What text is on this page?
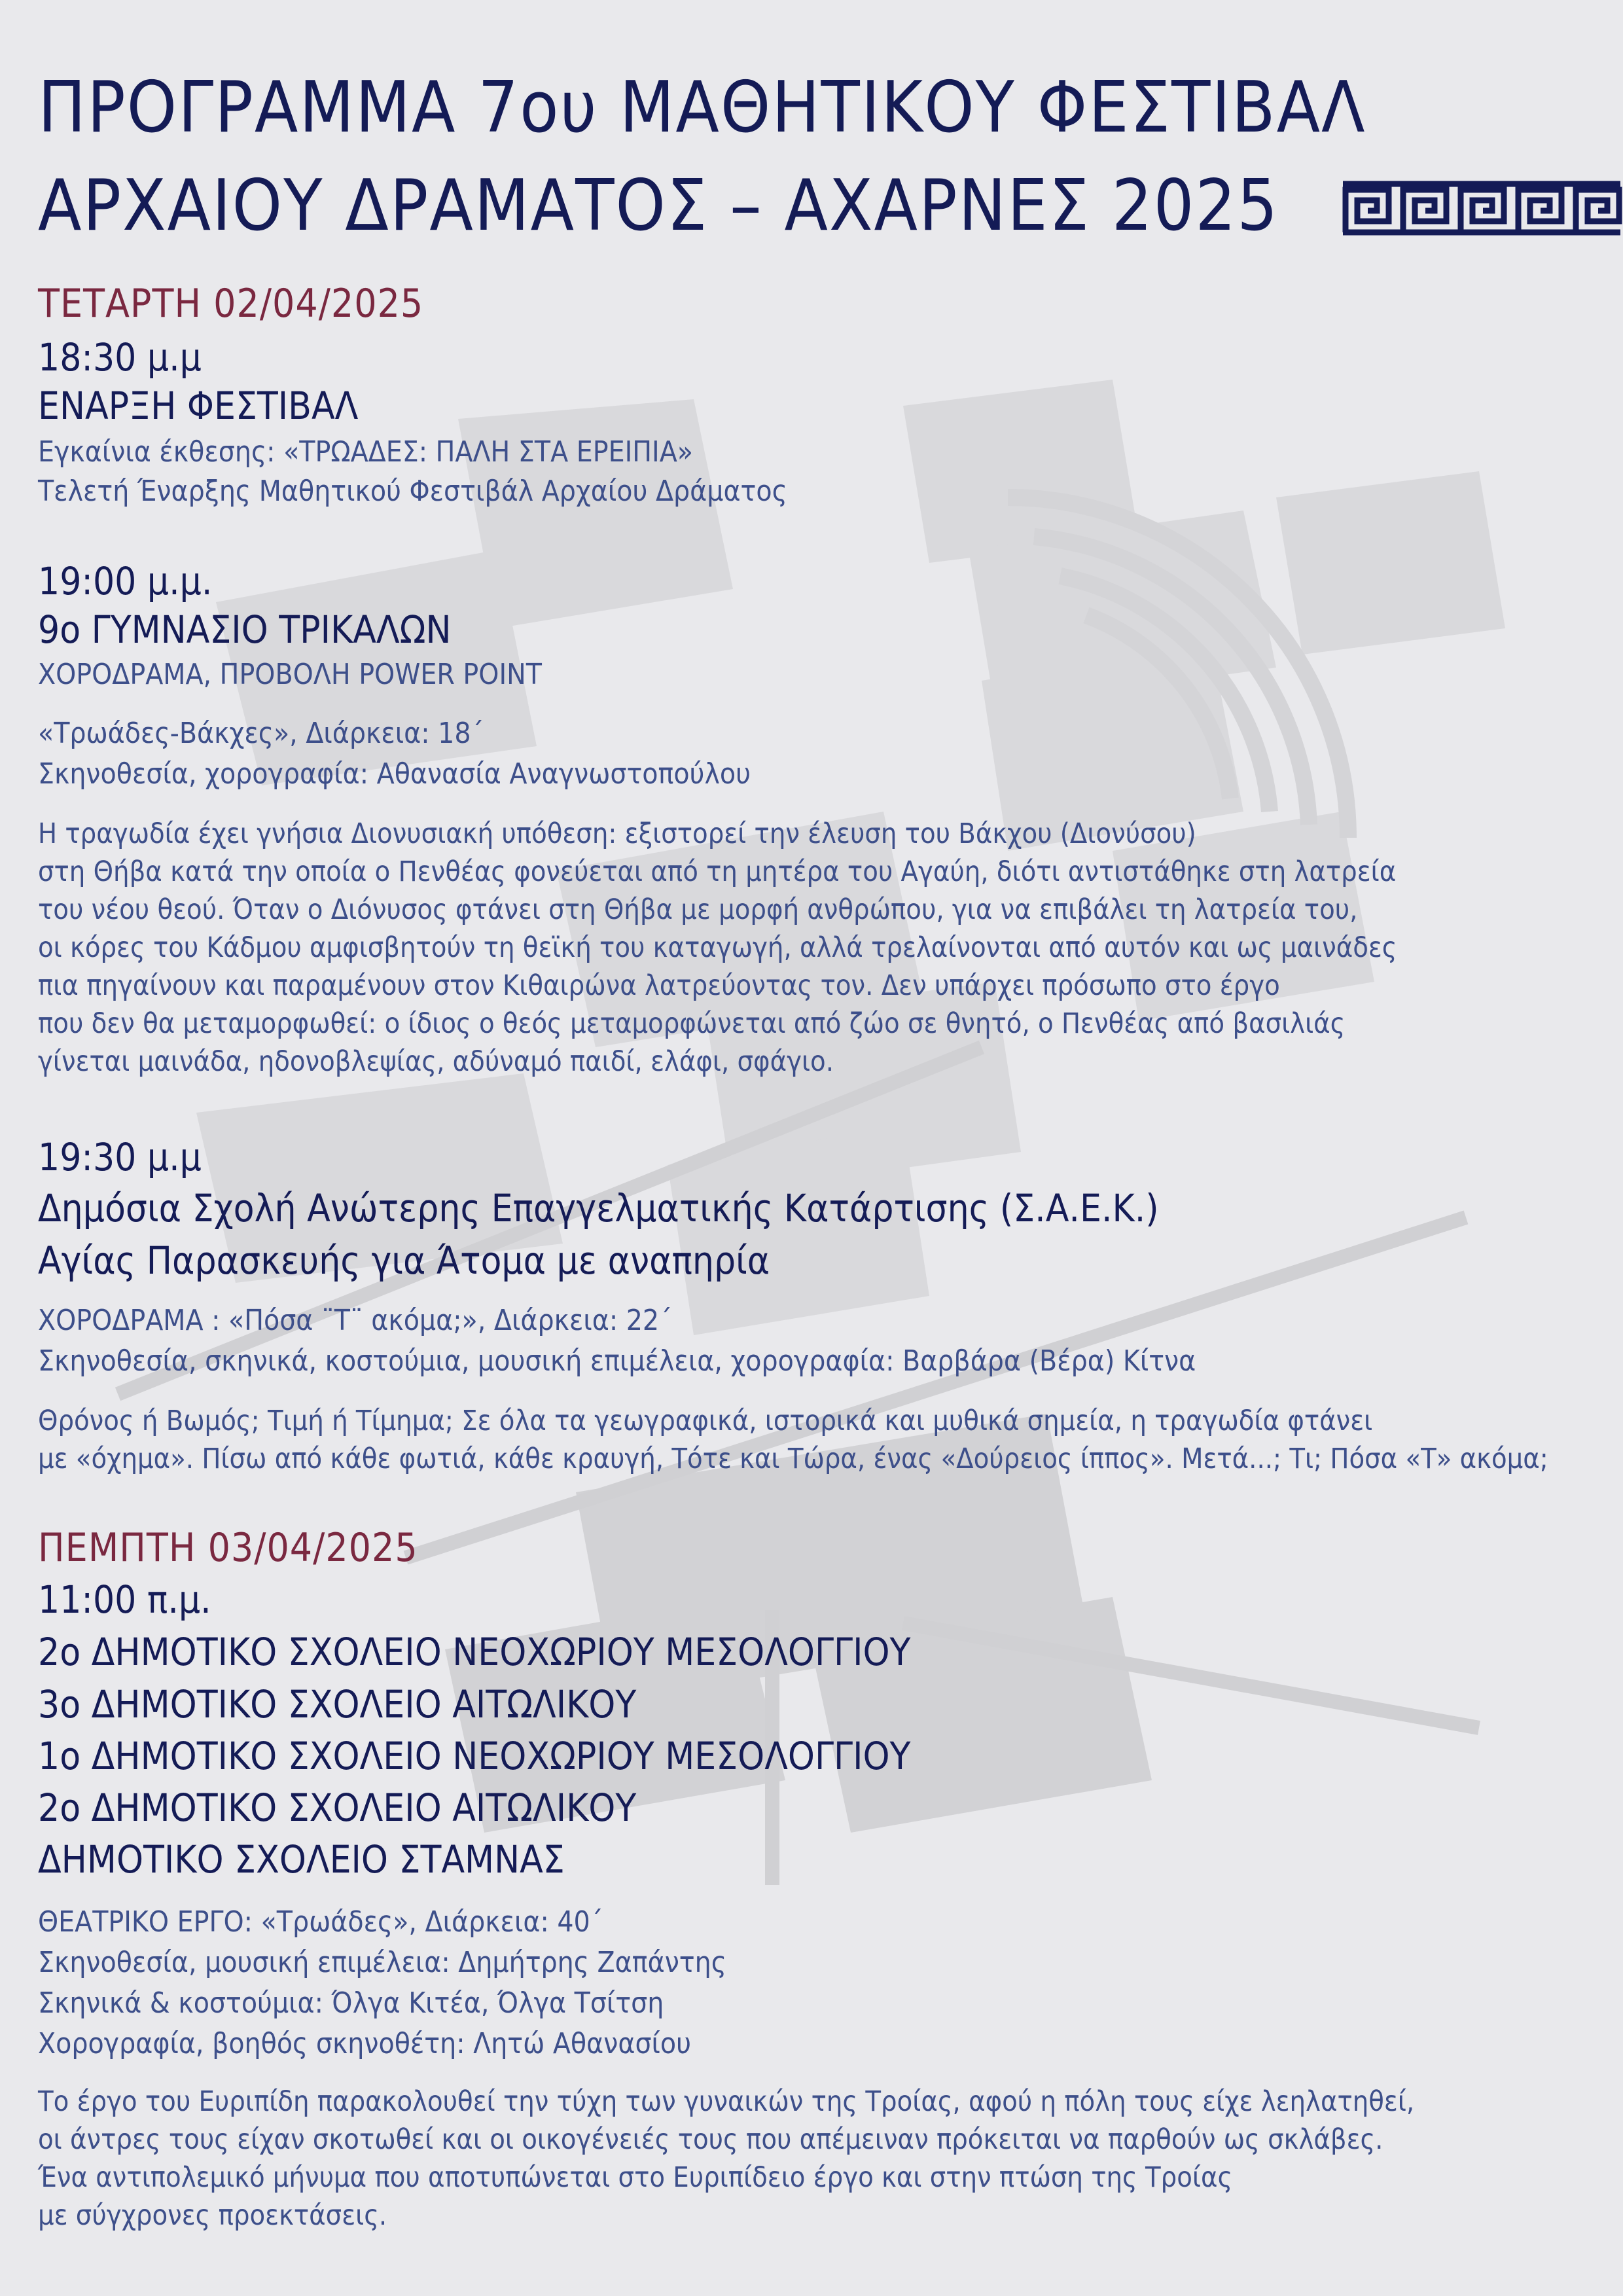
ΠΡΟΓΡΑΜΜΑ 7ου ΜΑΘΗΤΙΚΟΥ ΦΕΣΤΙΒΑΛ
ΑΡΧΑΙΟΥ ΔΡΑΜΑΤΟΣ – ΑΧΑΡΝΕΣ 2025
ΤΕΤΑΡΤΗ 02/04/2025
18:30 μ.μ
ΕΝΑΡΞΗ ΦΕΣΤΙΒΑΛ
Εγκαίνια έκθεσης: «ΤΡΩΑΔΕΣ: ΠΑΛΗ ΣΤΑ ΕΡΕΙΠΙΑ»
Τελετή Έναρξης Μαθητικού Φεστιβάλ Αρχαίου Δράματος
19:00 μ.μ.
9ο ΓΥΜΝΑΣΙΟ ΤΡΙΚΑΛΩΝ
ΧΟΡΟΔΡΑΜΑ, ΠΡΟΒΟΛΗ POWER POINT
«Τρωάδες-Βάκχες», Διάρκεια: 18΄
Σκηνοθεσία, χορογραφία: Αθανασία Αναγνωστοπούλου
Η τραγωδία έχει γνήσια Διονυσιακή υπόθεση: εξιστορεί την έλευση του Βάκχου (Διονύσου)
στη Θήβα κατά την οποία ο Πενθέας φονεύεται από τη μητέρα του Αγαύη, διότι αντιστάθηκε στη λατρεία
του νέου θεού. Όταν ο Διόνυσος φτάνει στη Θήβα με μορφή ανθρώπου, για να επιβάλει τη λατρεία του,
οι κόρες του Κάδμου αμφισβητούν τη θεϊκή του καταγωγή, αλλά τρελαίνονται από αυτόν και ως μαινάδες
πια πηγαίνουν και παραμένουν στον Κιθαιρώνα λατρεύοντας τον. Δεν υπάρχει πρόσωπο στο έργο
που δεν θα μεταμορφωθεί: ο ίδιος ο θεός μεταμορφώνεται από ζώο σε θνητό, ο Πενθέας από βασιλιάς
γίνεται μαινάδα, ηδονοβλεψίας, αδύναμό παιδί, ελάφι, σφάγιο.
19:30 μ.μ
Δημόσια Σχολή Ανώτερης Επαγγελματικής Κατάρτισης (Σ.Α.Ε.Κ.)
Αγίας Παρασκευής για Άτομα με αναπηρία
ΧΟΡΟΔΡΑΜΑ : «Πόσα ¨Τ¨ ακόμα;», Διάρκεια: 22΄
Σκηνοθεσία, σκηνικά, κοστούμια, μουσική επιμέλεια, χορογραφία: Βαρβάρα (Βέρα) Κίτνα
Θρόνος ή Βωμός; Τιμή ή Τίμημα; Σε όλα τα γεωγραφικά, ιστορικά και μυθικά σημεία, η τραγωδία φτάνει
με «όχημα». Πίσω από κάθε φωτιά, κάθε κραυγή, Τότε και Τώρα, ένας «Δούρειος ίππος». Μετά...; Τι; Πόσα «Τ» ακόμα;
ΠΕΜΠΤΗ 03/04/2025
11:00 π.μ.
2ο ΔΗΜΟΤΙΚΟ ΣΧΟΛΕΙΟ ΝΕΟΧΩΡΙΟΥ ΜΕΣΟΛΟΓΓΙΟΥ
3ο ΔΗΜΟΤΙΚΟ ΣΧΟΛΕΙΟ ΑΙΤΩΛΙΚΟΥ
1ο ΔΗΜΟΤΙΚΟ ΣΧΟΛΕΙΟ ΝΕΟΧΩΡΙΟΥ ΜΕΣΟΛΟΓΓΙΟΥ
2ο ΔΗΜΟΤΙΚΟ ΣΧΟΛΕΙΟ ΑΙΤΩΛΙΚΟΥ
ΔΗΜΟΤΙΚΟ ΣΧΟΛΕΙΟ ΣΤΑΜΝΑΣ
ΘΕΑΤΡΙΚΟ ΕΡΓΟ: «Τρωάδες», Διάρκεια: 40΄
Σκηνοθεσία, μουσική επιμέλεια: Δημήτρης Ζαπάντης
Σκηνικά & κοστούμια: Όλγα Κιτέα, Όλγα Τσίτση
Χορογραφία, βοηθός σκηνοθέτη: Λητώ Αθανασίου
Το έργο του Ευριπίδη παρακολουθεί την τύχη των γυναικών της Τροίας, αφού η πόλη τους είχε λεηλατηθεί,
οι άντρες τους είχαν σκοτωθεί και οι οικογένειές τους που απέμειναν πρόκειται να παρθούν ως σκλάβες.
Ένα αντιπολεμικό μήνυμα που αποτυπώνεται στο Ευριπίδειο έργο και στην πτώση της Τροίας
με σύγχρονες προεκτάσεις.
